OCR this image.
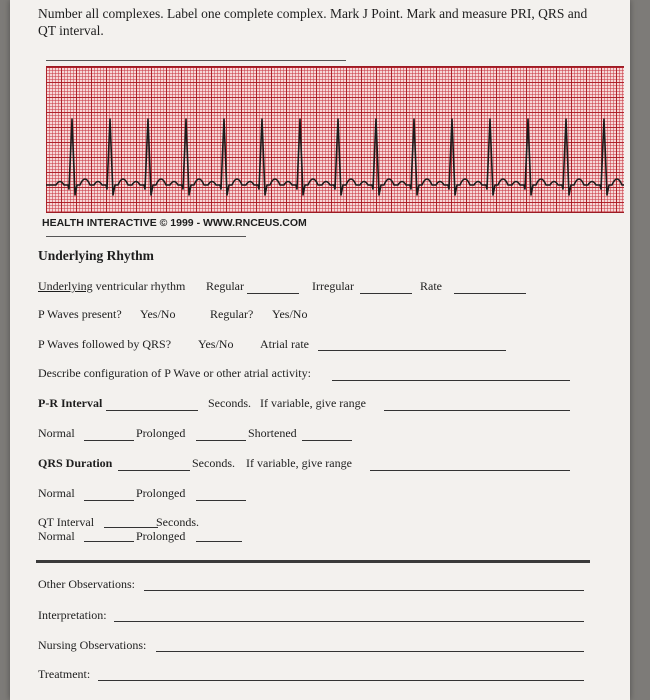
Number all complexes. Label one complete complex. Mark J Point. Mark and measure PRI, QRS and QT interval.
HEALTH INTERACTIVE © 1999 - WWW.RNCEUS.COM
Underlying Rhythm
Underlying ventricular rhythm Regular	Irregular	Rate
P Waves present? Yes/No	Regular? Yes/No
P Waves followed by QRS? Yes/No Atrial rate
Describe configuration of P Wave or other atrial activity:
P-R Interval	Seconds. If variable, give range
Normal	Prolonged	Shortened
QRS Duration	Seconds. If variable, give range
Normal	Prolonged
QT Interval	Seconds.
Normal	Prolonged
Other Observations:
Interpretation:
Nursing Observations:
Treatment:
